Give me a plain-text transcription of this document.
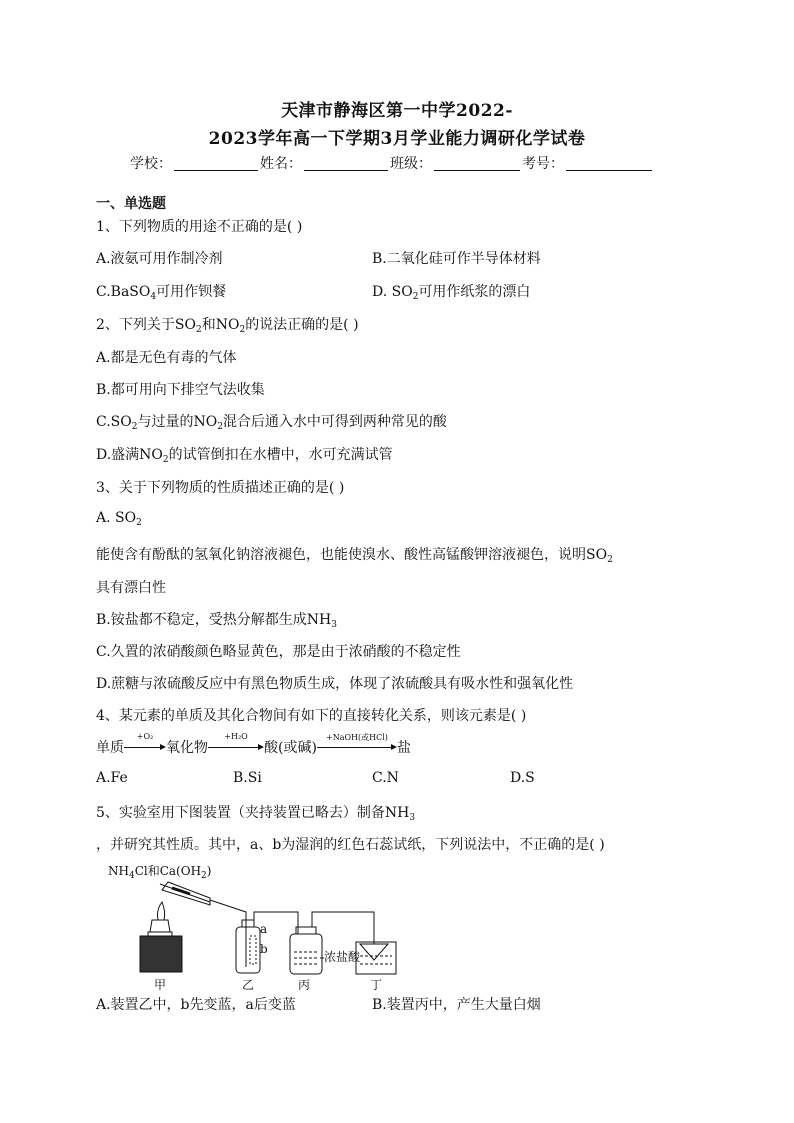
天津市静海区第一中学2022-
2023学年高一下学期3月学业能力调研化学试卷
学校：	姓名：	班级：	考号：
一、单选题
1、下列物质的用途不正确的是( )
A.液氨可用作制冷剂	B.二氧化硅可作半导体材料
C.BaSO$_4$可用作钡餐	D. $SO_2$可用作纸浆的漂白
2、下列关于$SO_2$和$NO_2$的说法正确的是( )
A.都是无色有毒的气体
B.都可用向下排空气法收集
$C.SO_2$与过量的$NO_2$混合后通入水中可得到两种常见的酸
D.盛满$NO_2$的试管倒扣在水槽中，水可充满试管
3、关于下列物质的性质描述正确的是( )
A. $SO_2$
能使含有酚酞的氢氧化钠溶液褪色，也能使溴水、酸性高锰酸钾溶液褪色，说明$SO_2$
具有漂白性
B.铵盐都不稳定，受热分解都生成$NH_3$
C.久置的浓硝酸颜色略显黄色，那是由于浓硝酸的不稳定性
D.蔗糖与浓硫酸反应中有黑色物质生成，体现了浓硫酸具有吸水性和强氧化性
4、某元素的单质及其化合物间有如下的直接转化关系，则该元素是( )
单质
+O₂
氧化物
+H₂O
酸(或碱)
+NaOH(或HCl)
盐
A.Fe	B.Si	C.N	D.S
5、实验室用下图装置（夹持装置已略去）制备$NH_3$
，并研究其性质。其中，a、b为湿润的红色石蕊试纸，下列说法中，不正确的是( )
$NH_4Cl$和$Ca(OH_2)$
a
b
浓盐酸
甲	乙	丙	丁
A.装置乙中，b先变蓝，a后变蓝	B.装置丙中，产生大量白烟
